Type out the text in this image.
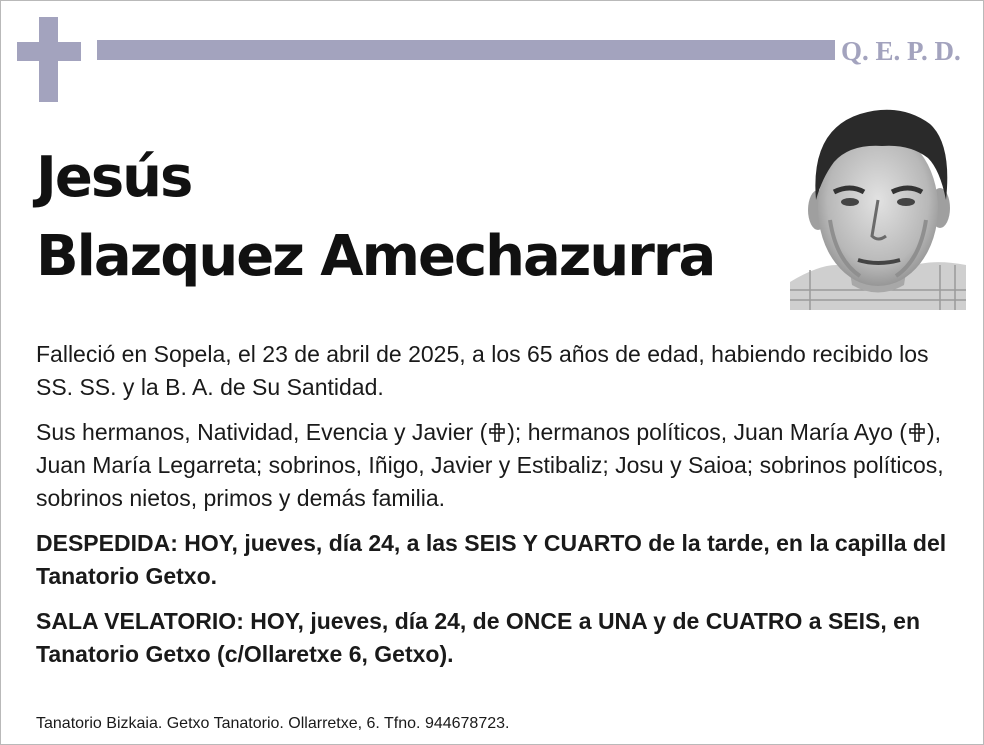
Q. E. P. D.
Jesús
Blazquez Amechazurra

Falleció en Sopela, el 23 de abril de 2025, a los 65 años de edad, habiendo recibido los SS. SS. y la B. A. de Su Santidad.

Sus hermanos, Natividad, Evencia y Javier ( ); hermanos políticos, Juan María Ayo ( ), Juan María Legarreta; sobrinos, Iñigo, Javier y Estibaliz; Josu y Saioa; sobrinos políticos, sobrinos nietos, primos y demás familia.

DESPEDIDA: HOY, jueves, día 24, a las SEIS Y CUARTO de la tarde, en la capilla del Tanatorio Getxo.

SALA VELATORIO: HOY, jueves, día 24, de ONCE a UNA y de CUATRO a SEIS, en Tanatorio Getxo (c/Ollaretxe 6, Getxo).

Tanatorio Bizkaia. Getxo Tanatorio. Ollarretxe, 6. Tfno. 944678723.
